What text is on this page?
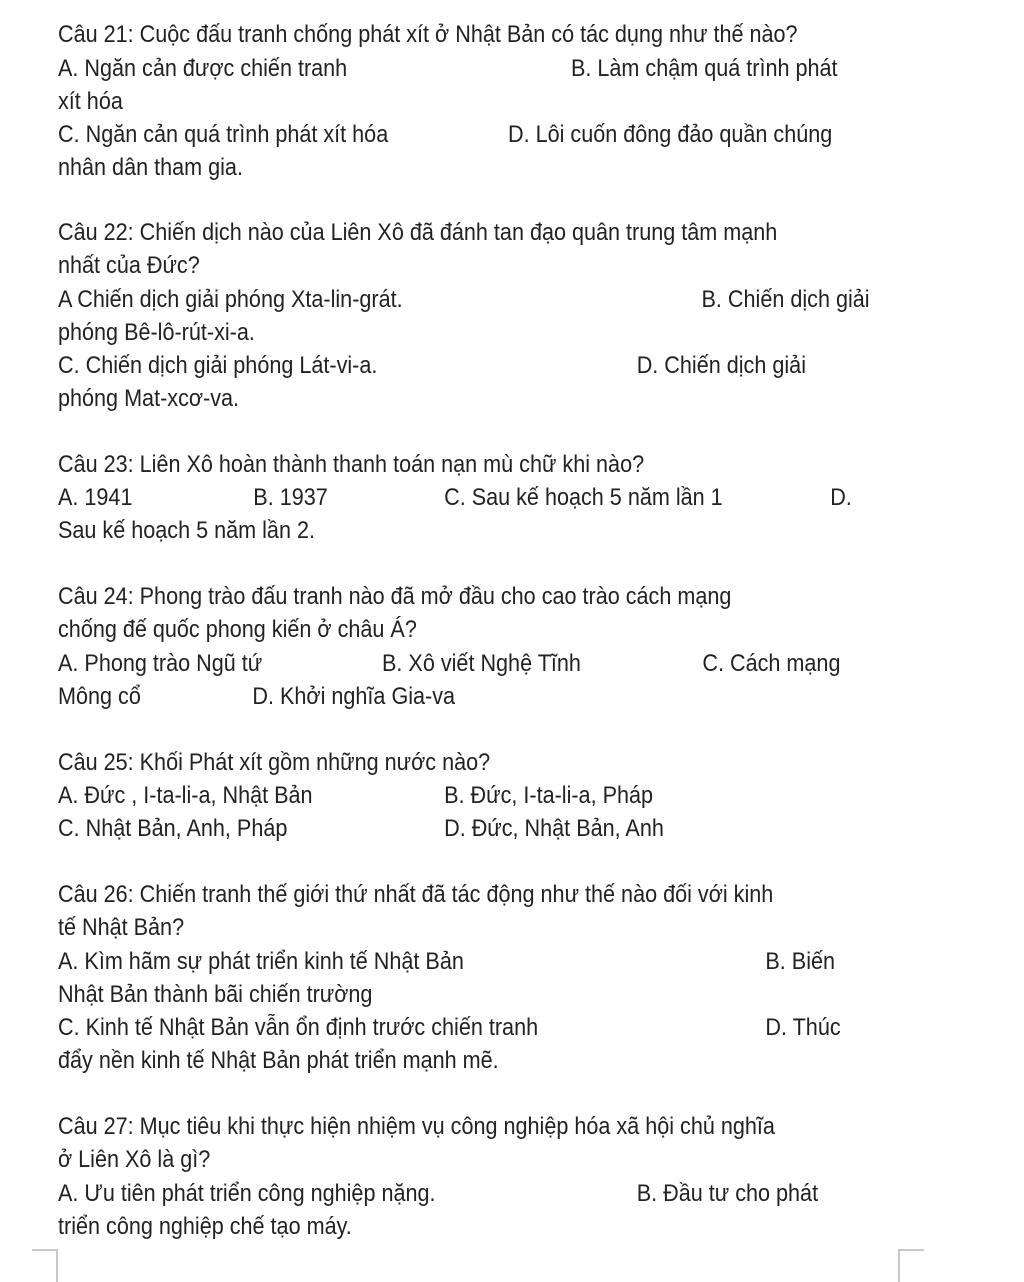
Câu 21: Cuộc đấu tranh chống phát xít ở Nhật Bản có tác dụng như thế nào?
A. Ngăn cản được chiến tranh	B. Làm chậm quá trình phát
xít hóa
C. Ngăn cản quá trình phát xít hóa	D. Lôi cuốn đông đảo quần chúng
nhân dân tham gia.
Câu 22: Chiến dịch nào của Liên Xô đã đánh tan đạo quân trung tâm mạnh
nhất của Đức?
A Chiến dịch giải phóng Xta-lin-grát.	B. Chiến dịch giải
phóng Bê-lô-rút-xi-a.
C. Chiến dịch giải phóng Lát-vi-a.	D. Chiến dịch giải
phóng Mat-xcơ-va.
Câu 23: Liên Xô hoàn thành thanh toán nạn mù chữ khi nào?
A. 1941	B. 1937	C. Sau kế hoạch 5 năm lần 1	D.
Sau kế hoạch 5 năm lần 2.
Câu 24: Phong trào đấu tranh nào đã mở đầu cho cao trào cách mạng
chống đế quốc phong kiến ở châu Á?
A. Phong trào Ngũ tứ	B. Xô viết Nghệ Tĩnh	C. Cách mạng
Mông cổ	D. Khởi nghĩa Gia-va
Câu 25: Khối Phát xít gồm những nước nào?
A. Đức , I-ta-li-a, Nhật Bản	B. Đức, I-ta-li-a, Pháp
C. Nhật Bản, Anh, Pháp	D. Đức, Nhật Bản, Anh
Câu 26: Chiến tranh thế giới thứ nhất đã tác động như thế nào đối với kinh
tế Nhật Bản?
A. Kìm hãm sự phát triển kinh tế Nhật Bản	B. Biến
Nhật Bản thành bãi chiến trường
C. Kinh tế Nhật Bản vẫn ổn định trước chiến tranh	D. Thúc
đẩy nền kinh tế Nhật Bản phát triển mạnh mẽ.
Câu 27: Mục tiêu khi thực hiện nhiệm vụ công nghiệp hóa xã hội chủ nghĩa
ở Liên Xô là gì?
A. Ưu tiên phát triển công nghiệp nặng.	B. Đầu tư cho phát
triển công nghiệp chế tạo máy.
